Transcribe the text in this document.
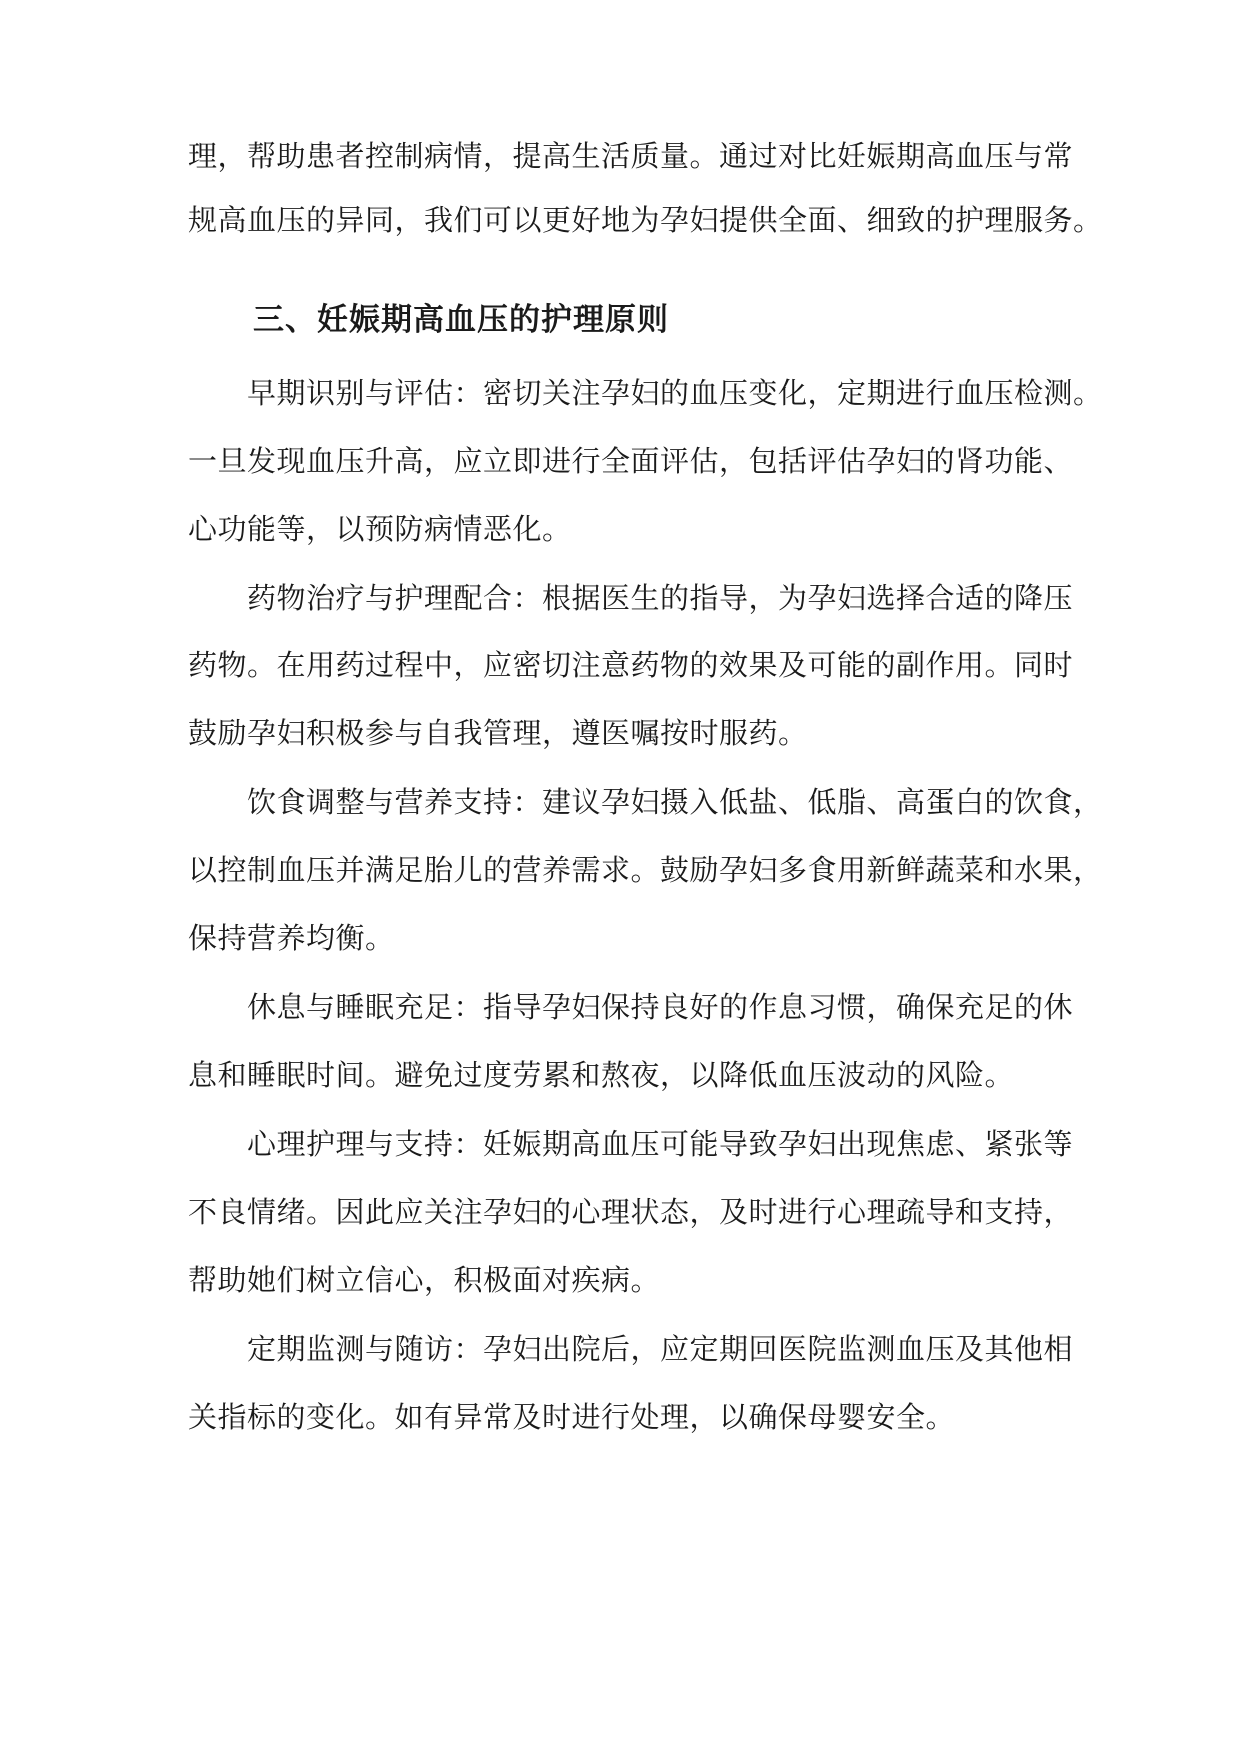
理，帮助患者控制病情，提高生活质量。通过对比妊娠期高血压与常
规高血压的异同，我们可以更好地为孕妇提供全面、细致的护理服务。
三、妊娠期高血压的护理原则
早期识别与评估：密切关注孕妇的血压变化，定期进行血压检测。
一旦发现血压升高，应立即进行全面评估，包括评估孕妇的肾功能、
心功能等，以预防病情恶化。
药物治疗与护理配合：根据医生的指导，为孕妇选择合适的降压
药物。在用药过程中，应密切注意药物的效果及可能的副作用。同时
鼓励孕妇积极参与自我管理，遵医嘱按时服药。
饮食调整与营养支持：建议孕妇摄入低盐、低脂、高蛋白的饮食，
以控制血压并满足胎儿的营养需求。鼓励孕妇多食用新鲜蔬菜和水果，
保持营养均衡。
休息与睡眠充足：指导孕妇保持良好的作息习惯，确保充足的休
息和睡眠时间。避免过度劳累和熬夜，以降低血压波动的风险。
心理护理与支持：妊娠期高血压可能导致孕妇出现焦虑、紧张等
不良情绪。因此应关注孕妇的心理状态，及时进行心理疏导和支持，
帮助她们树立信心，积极面对疾病。
定期监测与随访：孕妇出院后，应定期回医院监测血压及其他相
关指标的变化。如有异常及时进行处理，以确保母婴安全。
